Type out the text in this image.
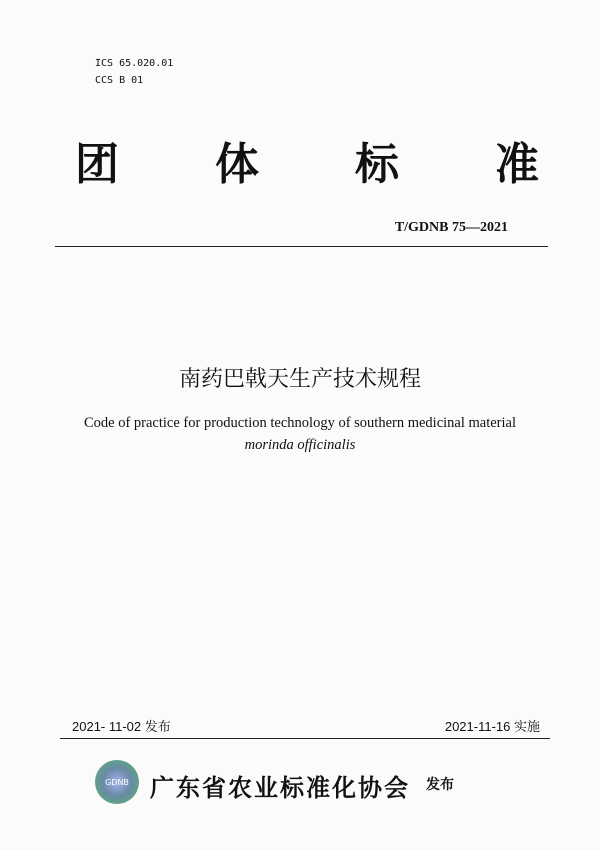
ICS 65.020.01
CCS B 01
团 体 标 准
T/GDNB 75—2021
南药巴戟天生产技术规程
Code of practice for production technology of southern medicinal material morinda officinalis
2021- 11-02 发布	2021-11-16 实施
GDNB 广东省农业标准化协会 发布
